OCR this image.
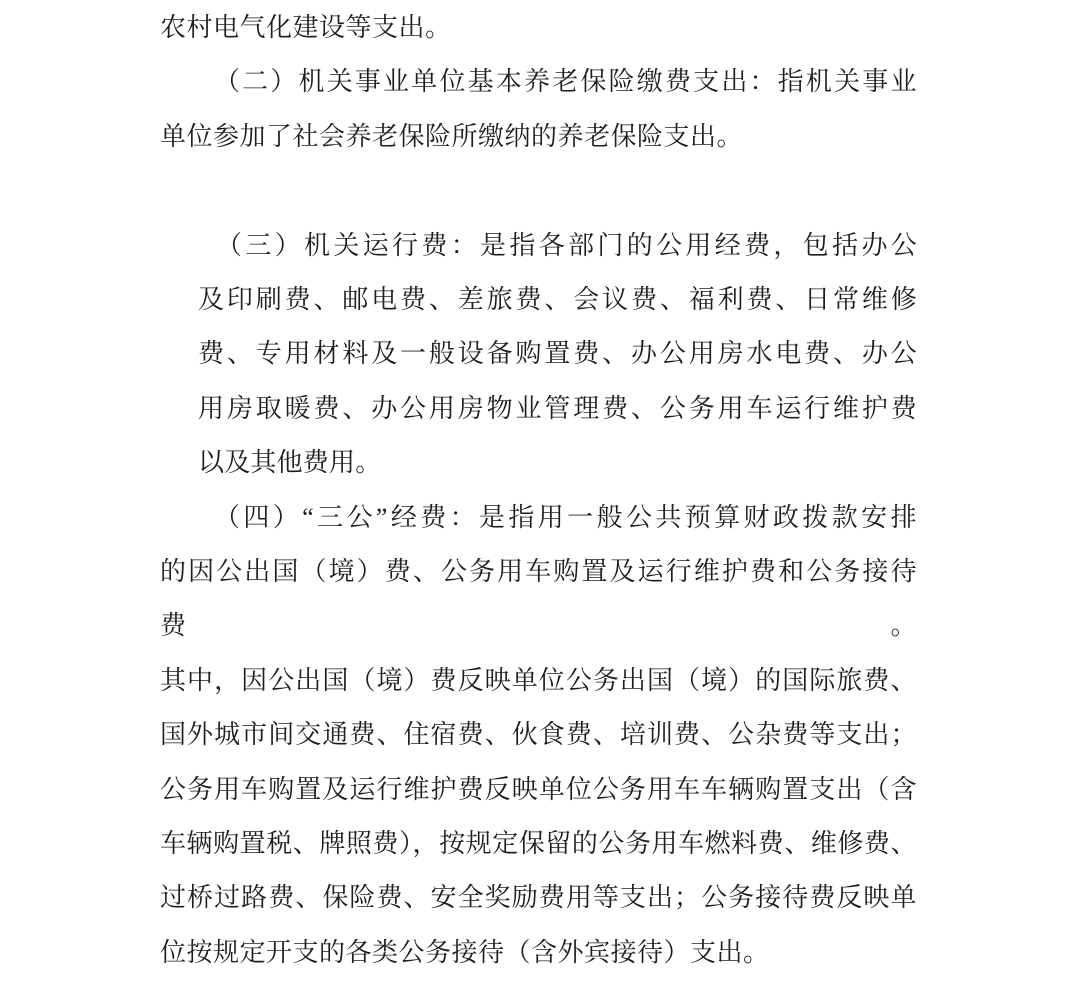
农村电气化建设等支出。
（二）机关事业单位基本养老保险缴费支出：指机关事业
单位参加了社会养老保险所缴纳的养老保险支出。
（三）机关运行费：是指各部门的公用经费，包括办公
及印刷费、邮电费、差旅费、会议费、福利费、日常维修
费、专用材料及一般设备购置费、办公用房水电费、办公
用房取暖费、办公用房物业管理费、公务用车运行维护费
以及其他费用。
（四）“三公”经费：是指用一般公共预算财政拨款安排
的因公出国（境）费、公务用车购置及运行维护费和公务接待费。
其中，因公出国（境）费反映单位公务出国（境）的国际旅费、
国外城市间交通费、住宿费、伙食费、培训费、公杂费等支出；
公务用车购置及运行维护费反映单位公务用车车辆购置支出（含
车辆购置税、牌照费），按规定保留的公务用车燃料费、维修费、
过桥过路费、保险费、安全奖励费用等支出；公务接待费反映单
位按规定开支的各类公务接待（含外宾接待）支出。
